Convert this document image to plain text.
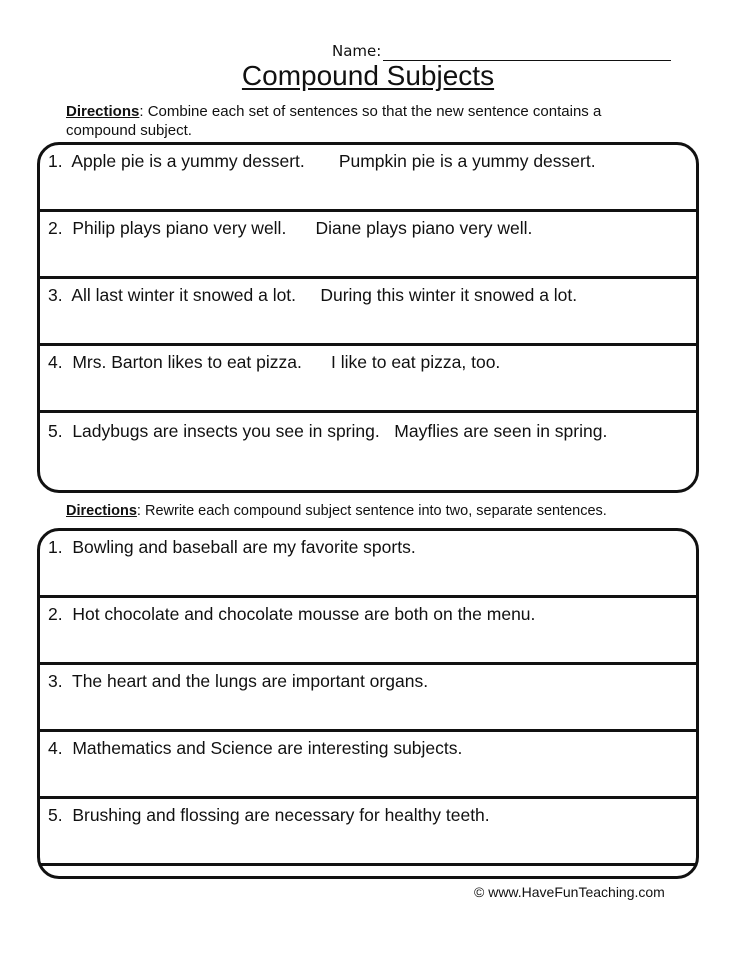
Name:
Compound Subjects
Directions: Combine each set of sentences so that the new sentence contains a compound subject.
1.  Apple pie is a yummy dessert.       Pumpkin pie is a yummy dessert.
2.  Philip plays piano very well.      Diane plays piano very well.
3.  All last winter it snowed a lot.     During this winter it snowed a lot.
4.  Mrs. Barton likes to eat pizza.      I like to eat pizza, too.
5.  Ladybugs are insects you see in spring.   Mayflies are seen in spring.
Directions: Rewrite each compound subject sentence into two, separate sentences.
1.  Bowling and baseball are my favorite sports.
2.  Hot chocolate and chocolate mousse are both on the menu.
3.  The heart and the lungs are important organs.
4.  Mathematics and Science are interesting subjects.
5.  Brushing and flossing are necessary for healthy teeth.
© www.HaveFunTeaching.com
